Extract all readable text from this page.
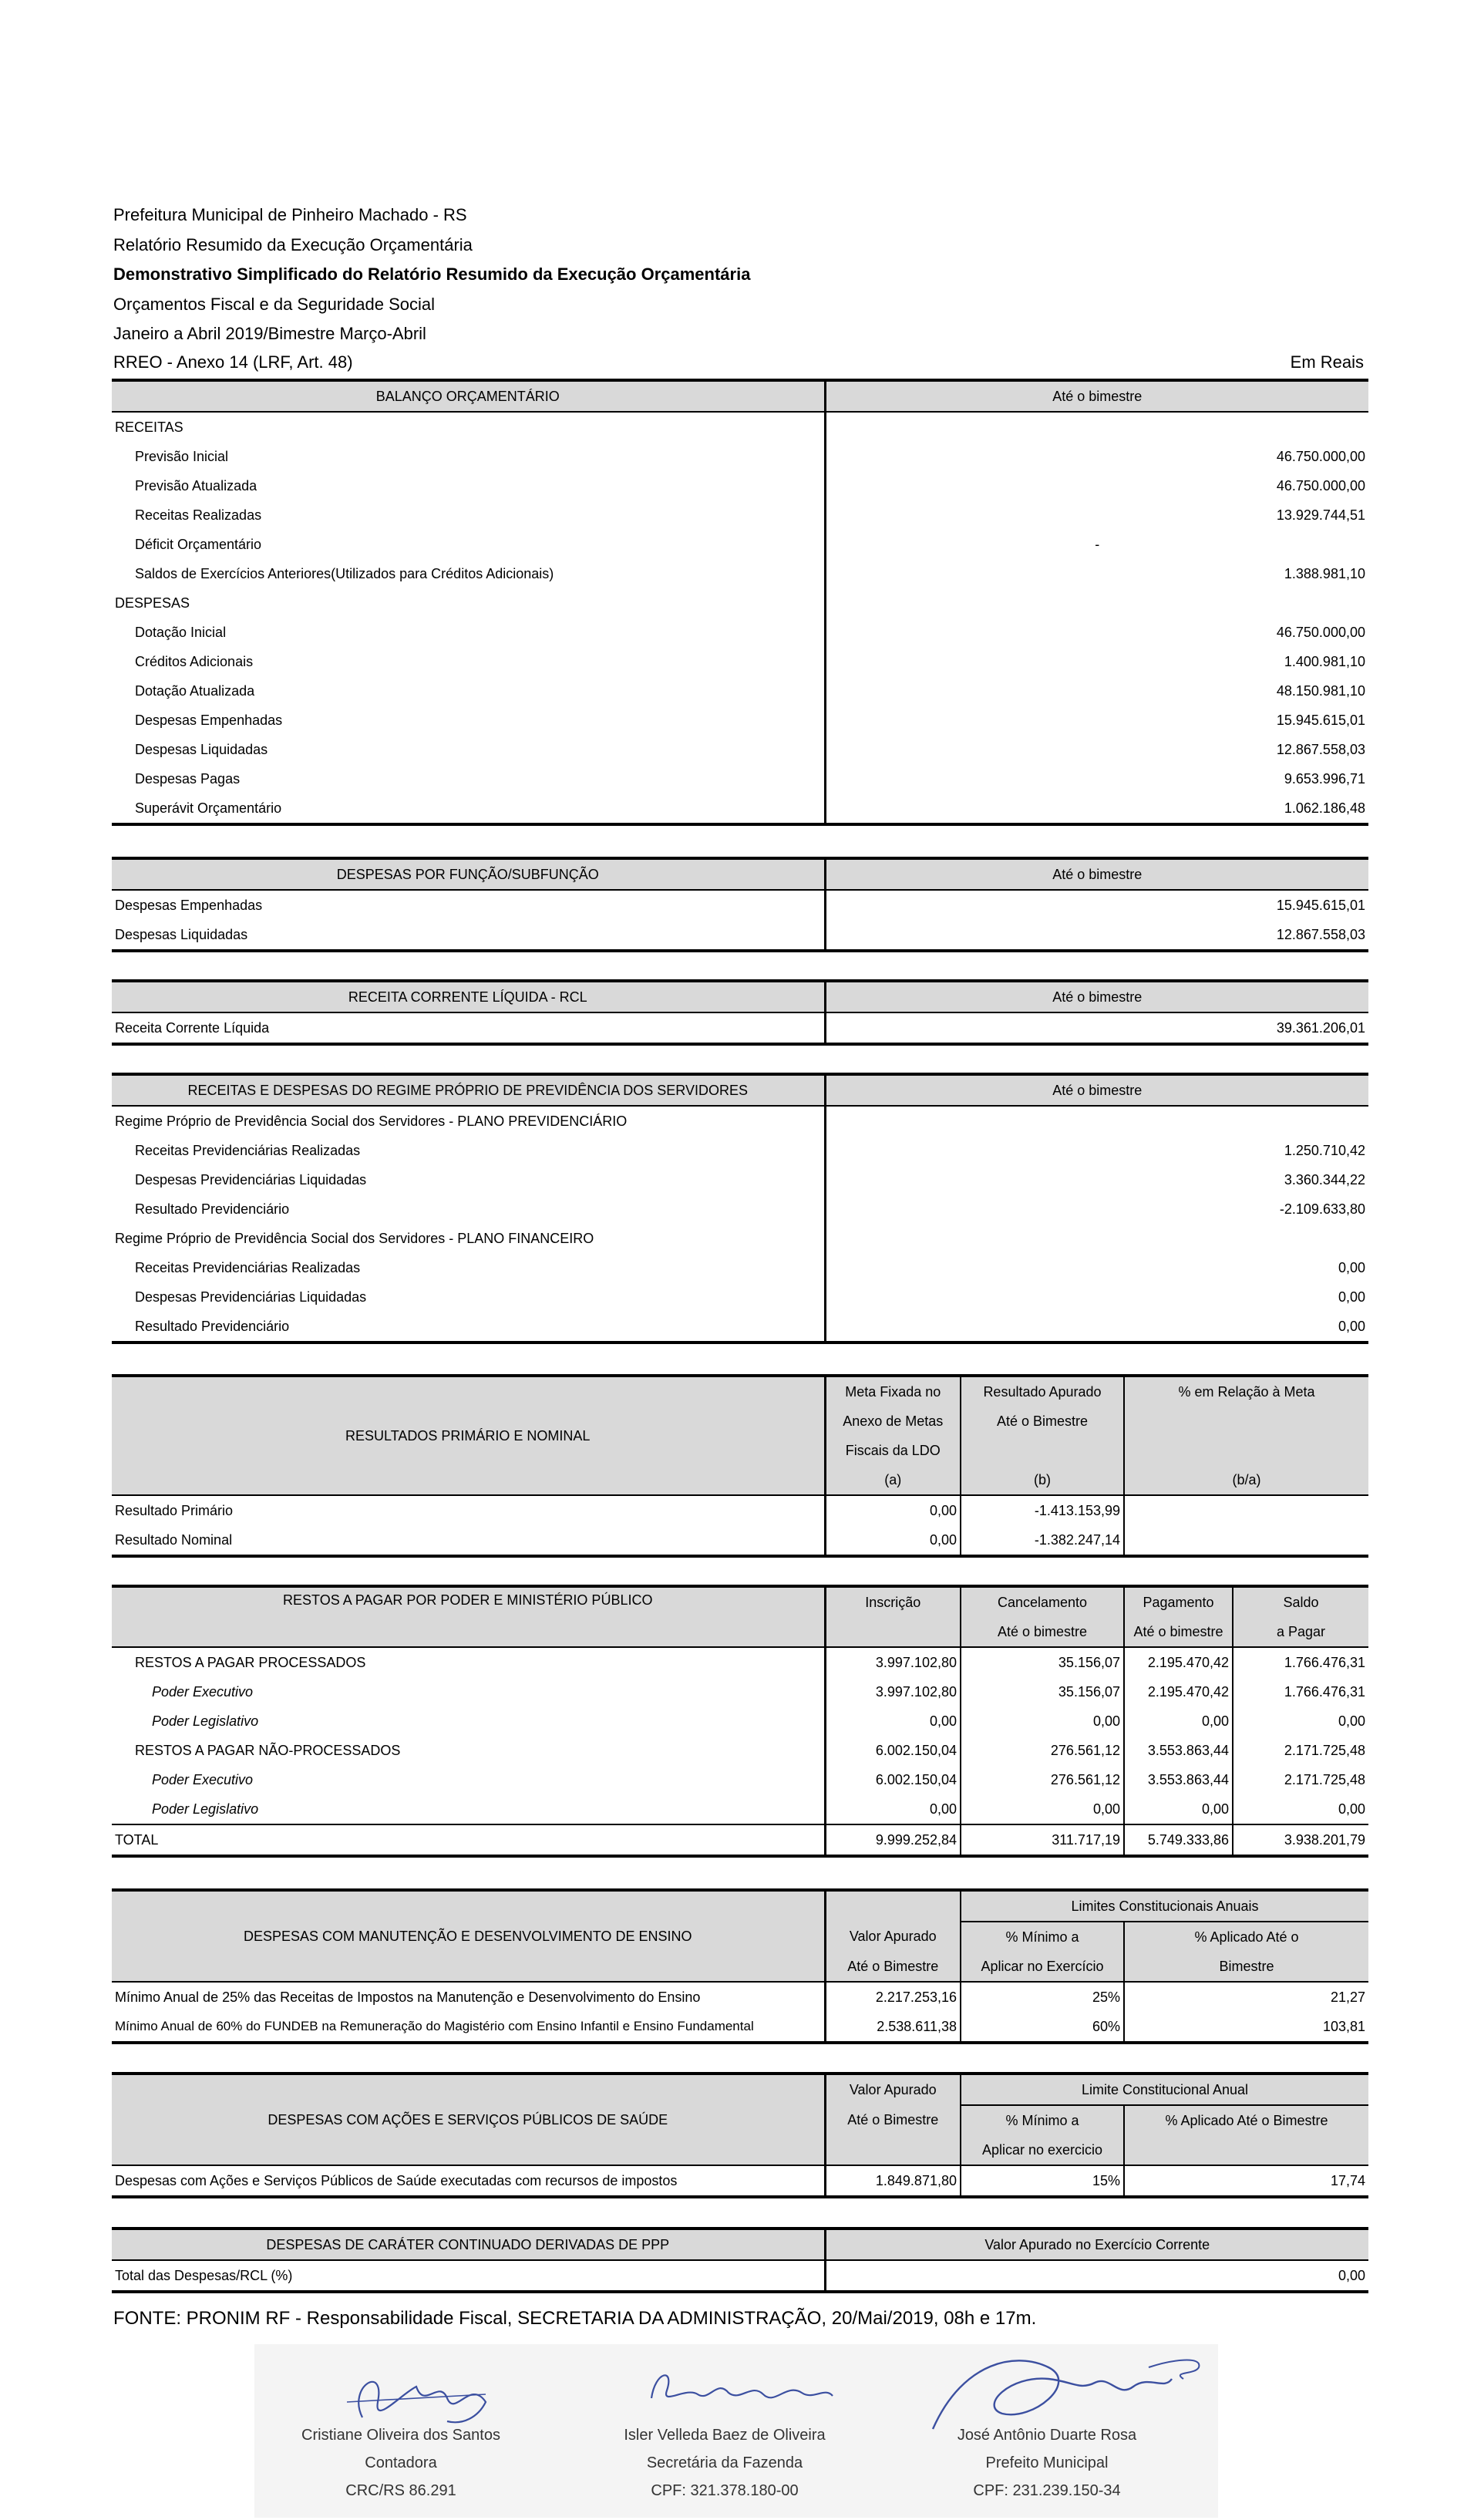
Prefeitura Municipal de Pinheiro Machado - RS
Relatório Resumido da Execução Orçamentária
Demonstrativo Simplificado do Relatório Resumido da Execução Orçamentária
Orçamentos Fiscal e da Seguridade Social
Janeiro a Abril 2019/Bimestre Março-Abril
RREO - Anexo 14 (LRF, Art. 48)	Em Reais
BALANÇO ORÇAMENTÁRIO	Até o bimestre
RECEITAS	
Previsão Inicial	46.750.000,00
Previsão Atualizada	46.750.000,00
Receitas Realizadas	13.929.744,51
Déficit Orçamentário	-
Saldos de Exercícios Anteriores(Utilizados para Créditos Adicionais)	1.388.981,10
DESPESAS	
Dotação Inicial	46.750.000,00
Créditos Adicionais	1.400.981,10
Dotação Atualizada	48.150.981,10
Despesas Empenhadas	15.945.615,01
Despesas Liquidadas	12.867.558,03
Despesas Pagas	9.653.996,71
Superávit Orçamentário	1.062.186,48
DESPESAS POR FUNÇÃO/SUBFUNÇÃO	Até o bimestre
Despesas Empenhadas	15.945.615,01
Despesas Liquidadas	12.867.558,03
RECEITA CORRENTE LÍQUIDA - RCL	Até o bimestre
Receita Corrente Líquida	39.361.206,01
RECEITAS E DESPESAS DO REGIME PRÓPRIO DE PREVIDÊNCIA DOS SERVIDORES	Até o bimestre
Regime Próprio de Previdência Social dos Servidores - PLANO PREVIDENCIÁRIO	
Receitas Previdenciárias Realizadas	1.250.710,42
Despesas Previdenciárias Liquidadas	3.360.344,22
Resultado Previdenciário	-2.109.633,80
Regime Próprio de Previdência Social dos Servidores - PLANO FINANCEIRO	
Receitas Previdenciárias Realizadas	0,00
Despesas Previdenciárias Liquidadas	0,00
Resultado Previdenciário	0,00
RESULTADOS PRIMÁRIO E NOMINAL	Meta Fixada no	Resultado Apurado	% em Relação à Meta
	Anexo de Metas	Até o Bimestre	
	Fiscais da LDO		
	(a)	(b)	(b/a)
Resultado Primário	0,00	-1.413.153,99	
Resultado Nominal	0,00	-1.382.247,14	
RESTOS A PAGAR POR PODER E MINISTÉRIO PÚBLICO	Inscrição	Cancelamento	Pagamento	Saldo
		Até o bimestre	Até o bimestre	a Pagar
RESTOS A PAGAR PROCESSADOS	3.997.102,80	35.156,07	2.195.470,42	1.766.476,31
Poder Executivo	3.997.102,80	35.156,07	2.195.470,42	1.766.476,31
Poder Legislativo	0,00	0,00	0,00	0,00
RESTOS A PAGAR NÃO-PROCESSADOS	6.002.150,04	276.561,12	3.553.863,44	2.171.725,48
Poder Executivo	6.002.150,04	276.561,12	3.553.863,44	2.171.725,48
Poder Legislativo	0,00	0,00	0,00	0,00
TOTAL	9.999.252,84	311.717,19	5.749.333,86	3.938.201,79
DESPESAS COM MANUTENÇÃO E DESENVOLVIMENTO DE ENSINO		Limites Constitucionais Anuais	
	Valor Apurado	% Mínimo a	% Aplicado Até o
	Até o Bimestre	Aplicar no Exercício	Bimestre
Mínimo Anual de 25% das Receitas de Impostos na Manutenção e Desenvolvimento do Ensino	2.217.253,16	25%	21,27
Mínimo Anual de 60% do FUNDEB na Remuneração do Magistério com Ensino Infantil e Ensino Fundamental	2.538.611,38	60%	103,81
DESPESAS COM AÇÕES E SERVIÇOS PÚBLICOS DE SAÚDE	Valor Apurado	Limite Constitucional Anual	
	Até o Bimestre	% Mínimo a	% Aplicado Até o Bimestre
		Aplicar no exercicio	
Despesas com Ações e Serviços Públicos de Saúde executadas com recursos de impostos	1.849.871,80	15%	17,74
DESPESAS DE CARÁTER CONTINUADO DERIVADAS DE PPP	Valor Apurado no Exercício Corrente
Total das Despesas/RCL (%)	0,00
FONTE: PRONIM RF - Responsabilidade Fiscal, SECRETARIA DA ADMINISTRAÇÃO, 20/Mai/2019, 08h e 17m.
Cristiane Oliveira dos Santos
Contadora
CRC/RS 86.291
Isler Velleda Baez de Oliveira
Secretária da Fazenda
CPF: 321.378.180-00
José Antônio Duarte Rosa
Prefeito Municipal
CPF: 231.239.150-34
